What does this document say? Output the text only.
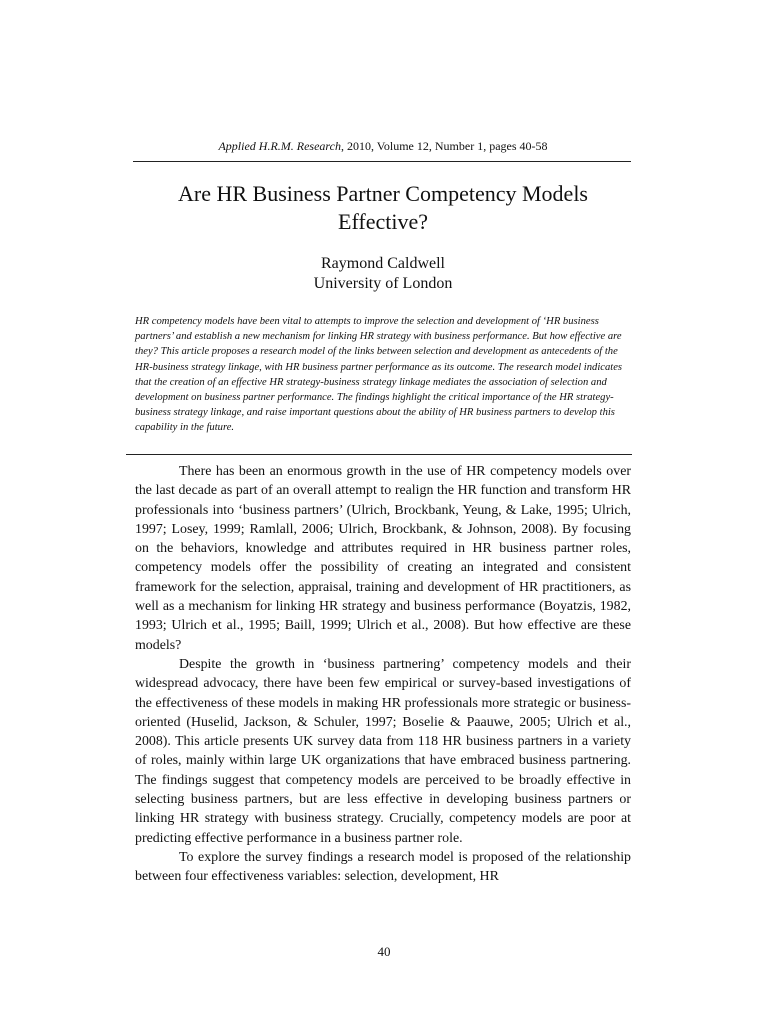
Applied H.R.M. Research, 2010, Volume 12, Number 1, pages 40-58
Are HR Business Partner Competency Models Effective?
Raymond Caldwell
University of London

HR competency models have been vital to attempts to improve the selection and development of ‘HR business partners’ and establish a new mechanism for linking HR strategy with business performance. But how effective are they? This article proposes a research model of the links between selection and development as antecedents of the HR-business strategy linkage, with HR business partner performance as its outcome. The research model indicates that the creation of an effective HR strategy-business strategy linkage mediates the association of selection and development on business partner performance. The findings highlight the critical importance of the HR strategy-business strategy linkage, and raise important questions about the ability of HR business partners to develop this capability in the future.

There has been an enormous growth in the use of HR competency models over the last decade as part of an overall attempt to realign the HR function and transform HR professionals into ‘business partners’ (Ulrich, Brockbank, Yeung, & Lake, 1995; Ulrich, 1997; Losey, 1999; Ramlall, 2006; Ulrich, Brockbank, & Johnson, 2008). By focusing on the behaviors, knowledge and attributes required in HR business partner roles, competency models offer the possibility of creating an integrated and consistent framework for the selection, appraisal, training and development of HR practitioners, as well as a mechanism for linking HR strategy and business performance (Boyatzis, 1982, 1993; Ulrich et al., 1995; Baill, 1999; Ulrich et al., 2008). But how effective are these models?

Despite the growth in ‘business partnering’ competency models and their widespread advocacy, there have been few empirical or survey-based investigations of the effectiveness of these models in making HR professionals more strategic or business-oriented (Huselid, Jackson, & Schuler, 1997; Boselie & Paauwe, 2005; Ulrich et al., 2008). This article presents UK survey data from 118 HR business partners in a variety of roles, mainly within large UK organizations that have embraced business partnering. The findings suggest that competency models are perceived to be broadly effective in selecting business partners, but are less effective in developing business partners or linking HR strategy with business strategy. Crucially, competency models are poor at predicting effective performance in a business partner role.

To explore the survey findings a research model is proposed of the relationship between four effectiveness variables: selection, development, HR

40
